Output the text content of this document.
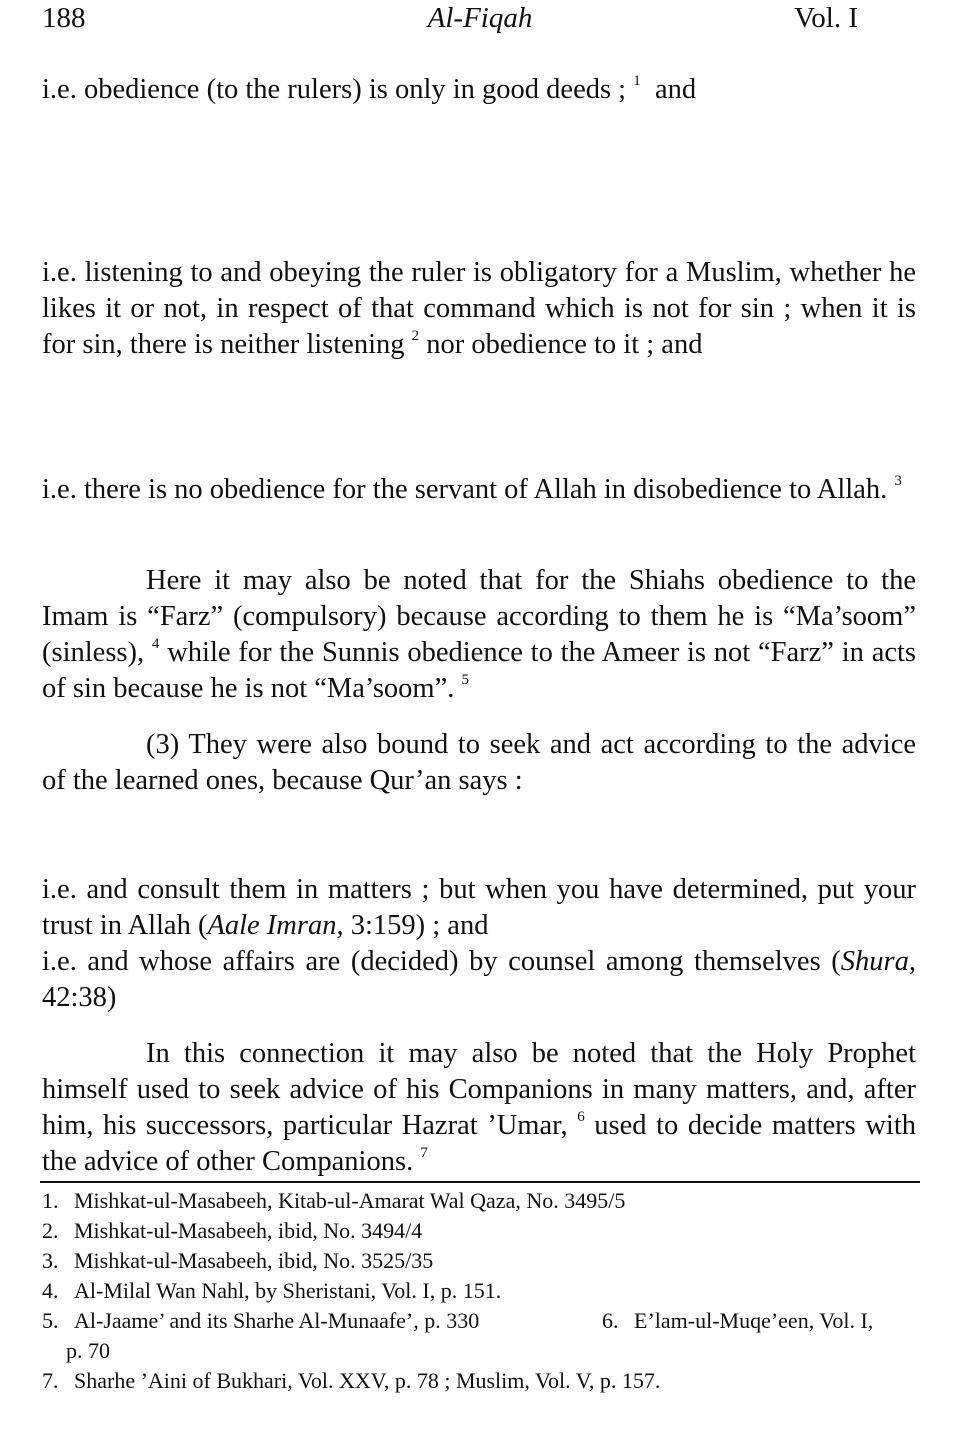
188	Al-Fiqah	Vol. I

i.e. obedience (to the rulers) is only in good deeds ; $^1$  and

i.e. listening to and obeying the ruler is obligatory for a Muslim, whether he likes it or not, in respect of that command which is not for sin ; when it is for sin, there is neither listening $^2$ nor obedience to it ; and

i.e. there is no obedience for the servant of Allah in disobedience to Allah. $^3$

Here it may also be noted that for the Shiahs obedience to the Imam is “Farz” (compulsory) because according to them he is “Ma’soom” (sinless), $^4$ while for the Sunnis obedience to the Ameer is not “Farz” in acts of sin because he is not “Ma’soom”. $^5$

(3) They were also bound to seek and act according to the advice of the learned ones, because Qur’an says :

i.e. and consult them in matters ; but when you have determined, put your trust in Allah (Aale Imran, 3:159) ; and

i.e. and whose affairs are (decided) by counsel among themselves (Shura, 42:38)

In this connection it may also be noted that the Holy Prophet himself used to seek advice of his Companions in many matters, and, after him, his successors, particular Hazrat ’Umar, $^6$ used to decide matters with the advice of other Companions. $^7$

1. Mishkat-ul-Masabeeh, Kitab-ul-Amarat Wal Qaza, No. 3495/5
2. Mishkat-ul-Masabeeh, ibid, No. 3494/4
3. Mishkat-ul-Masabeeh, ibid, No. 3525/35
4. Al-Milal Wan Nahl, by Sheristani, Vol. I, p. 151.
5. Al-Jaame’ and its Sharhe Al-Munaafe’, p. 330	6. E’lam-ul-Muqe’een, Vol. I,
p. 70
7. Sharhe ’Aini of Bukhari, Vol. XXV, p. 78 ; Muslim, Vol. V, p. 157.
